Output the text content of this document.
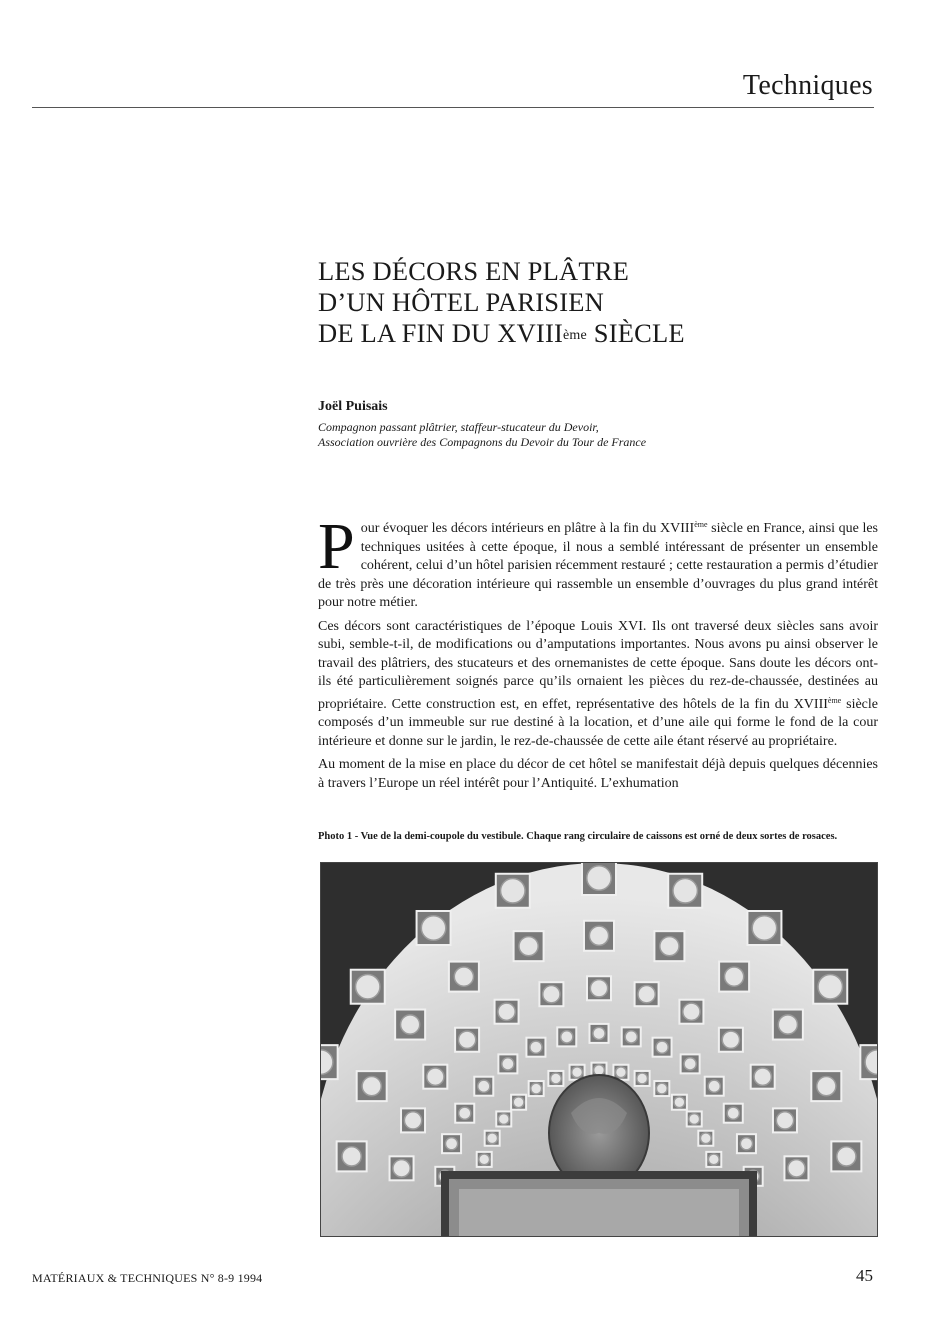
Techniques
LES DÉCORS EN PLÂTRE
D’UN HÔTEL PARISIEN
DE LA FIN DU XVIIIème SIÈCLE
Joël Puisais
Compagnon passant plâtrier, staffeur-stucateur du Devoir,
Association ouvrière des Compagnons du Devoir du Tour de France

Pour évoquer les décors intérieurs en plâtre à la fin du XVIIIème siècle en France, ainsi que les techniques usitées à cette époque, il nous a semblé intéressant de présenter un ensemble cohérent, celui d’un hôtel parisien récemment restauré ; cette restauration a permis d’étudier de très près une décoration intérieure qui rassemble un ensemble d’ouvrages du plus grand intérêt pour notre métier.

Ces décors sont caractéristiques de l’époque Louis XVI. Ils ont traversé deux siècles sans avoir subi, semble-t-il, de modifications ou d’amputations importantes. Nous avons pu ainsi observer le travail des plâtriers, des stucateurs et des ornemanistes de cette époque. Sans doute les décors ont-ils été particulièrement soignés parce qu’ils ornaient les pièces du rez-de-chaussée, destinées au propriétaire. Cette construction est, en effet, représentative des hôtels de la fin du XVIIIème siècle composés d’un immeuble sur rue destiné à la location, et d’une aile qui forme le fond de la cour intérieure et donne sur le jardin, le rez-de-chaussée de cette aile étant réservé au propriétaire.

Au moment de la mise en place du décor de cet hôtel se manifestait déjà depuis quelques décennies à travers l’Europe un réel intérêt pour l’Antiquité. L’exhumation

Photo 1 - Vue de la demi-coupole du vestibule. Chaque rang circulaire de caissons est orné de deux sortes de rosaces.
MATÉRIAUX & TECHNIQUES N° 8-9 1994	45
